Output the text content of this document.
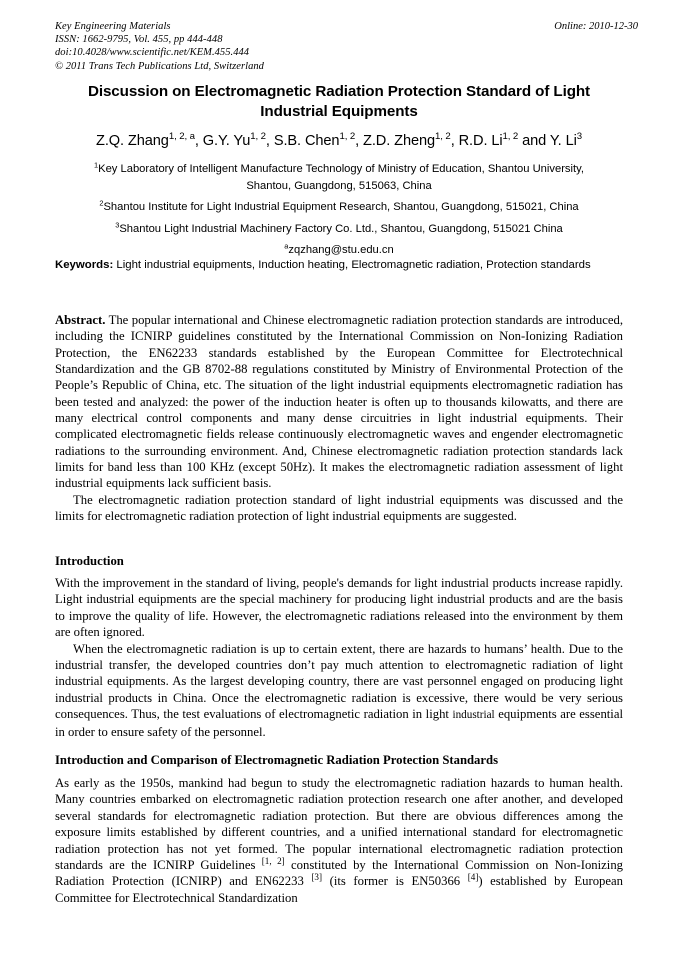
Key Engineering Materials
ISSN: 1662-9795, Vol. 455, pp 444-448
doi:10.4028/www.scientific.net/KEM.455.444
© 2011 Trans Tech Publications Ltd, Switzerland
Online: 2010-12-30
Discussion on Electromagnetic Radiation Protection Standard of Light
Industrial Equipments
Z.Q. Zhang$^{1, 2, a}$, G.Y. Yu$^{1, 2}$, S.B. Chen$^{1, 2}$, Z.D. Zheng$^{1, 2}$, R.D. Li$^{1, 2}$ and Y. Li$^3$

$^1$Key Laboratory of Intelligent Manufacture Technology of Ministry of Education, Shantou University,
Shantou, Guangdong, 515063, China

$^2$Shantou Institute for Light Industrial Equipment Research, Shantou, Guangdong, 515021, China

$^3$Shantou Light Industrial Machinery Factory Co. Ltd., Shantou, Guangdong, 515021 China

$^a$zqzhang@stu.edu.cn
Keywords: Light industrial equipments, Induction heating, Electromagnetic radiation, Protection standards

Abstract. The popular international and Chinese electromagnetic radiation protection standards are introduced, including the ICNIRP guidelines constituted by the International Commission on Non-Ionizing Radiation Protection, the EN62233 standards established by the European Committee for Electrotechnical Standardization and the GB 8702-88 regulations constituted by Ministry of Environmental Protection of the People’s Republic of China, etc. The situation of the light industrial equipments electromagnetic radiation has been tested and analyzed: the power of the induction heater is often up to thousands kilowatts, and there are many electrical control components and many dense circuitries in light industrial equipments. Their complicated electromagnetic fields release continuously electromagnetic waves and engender electromagnetic radiations to the surrounding environment. And, Chinese electromagnetic radiation protection standards lack limits for band less than 100 KHz (except 50Hz). It makes the electromagnetic radiation assessment of light industrial equipments lack sufficient basis.

The electromagnetic radiation protection standard of light industrial equipments was discussed and the limits for electromagnetic radiation protection of light industrial equipments are suggested.

Introduction

With the improvement in the standard of living, people's demands for light industrial products increase rapidly. Light industrial equipments are the special machinery for producing light industrial products and are the basis to improve the quality of life. However, the electromagnetic radiations released into the environment by them are often ignored.

When the electromagnetic radiation is up to certain extent, there are hazards to humans’ health. Due to the industrial transfer, the developed countries don’t pay much attention to electromagnetic radiation of light industrial equipments. As the largest developing country, there are vast personnel engaged on producing light industrial products in China. Once the electromagnetic radiation is excessive, there would be very serious consequences. Thus, the test evaluations of electromagnetic radiation in light industrial equipments are essential in order to ensure safety of the personnel.

Introduction and Comparison of Electromagnetic Radiation Protection Standards

As early as the 1950s, mankind had begun to study the electromagnetic radiation hazards to human health. Many countries embarked on electromagnetic radiation protection research one after another, and developed several standards for electromagnetic radiation protection. But there are obvious differences among the exposure limits established by different countries, and a unified international standard for electromagnetic radiation protection has not yet formed. The popular international electromagnetic radiation protection standards are the ICNIRP Guidelines [1, 2] constituted by the International Commission on Non-Ionizing Radiation Protection (ICNIRP) and EN62233 [3] (its former is EN50366 [4]) established by European Committee for Electrotechnical Standardization
